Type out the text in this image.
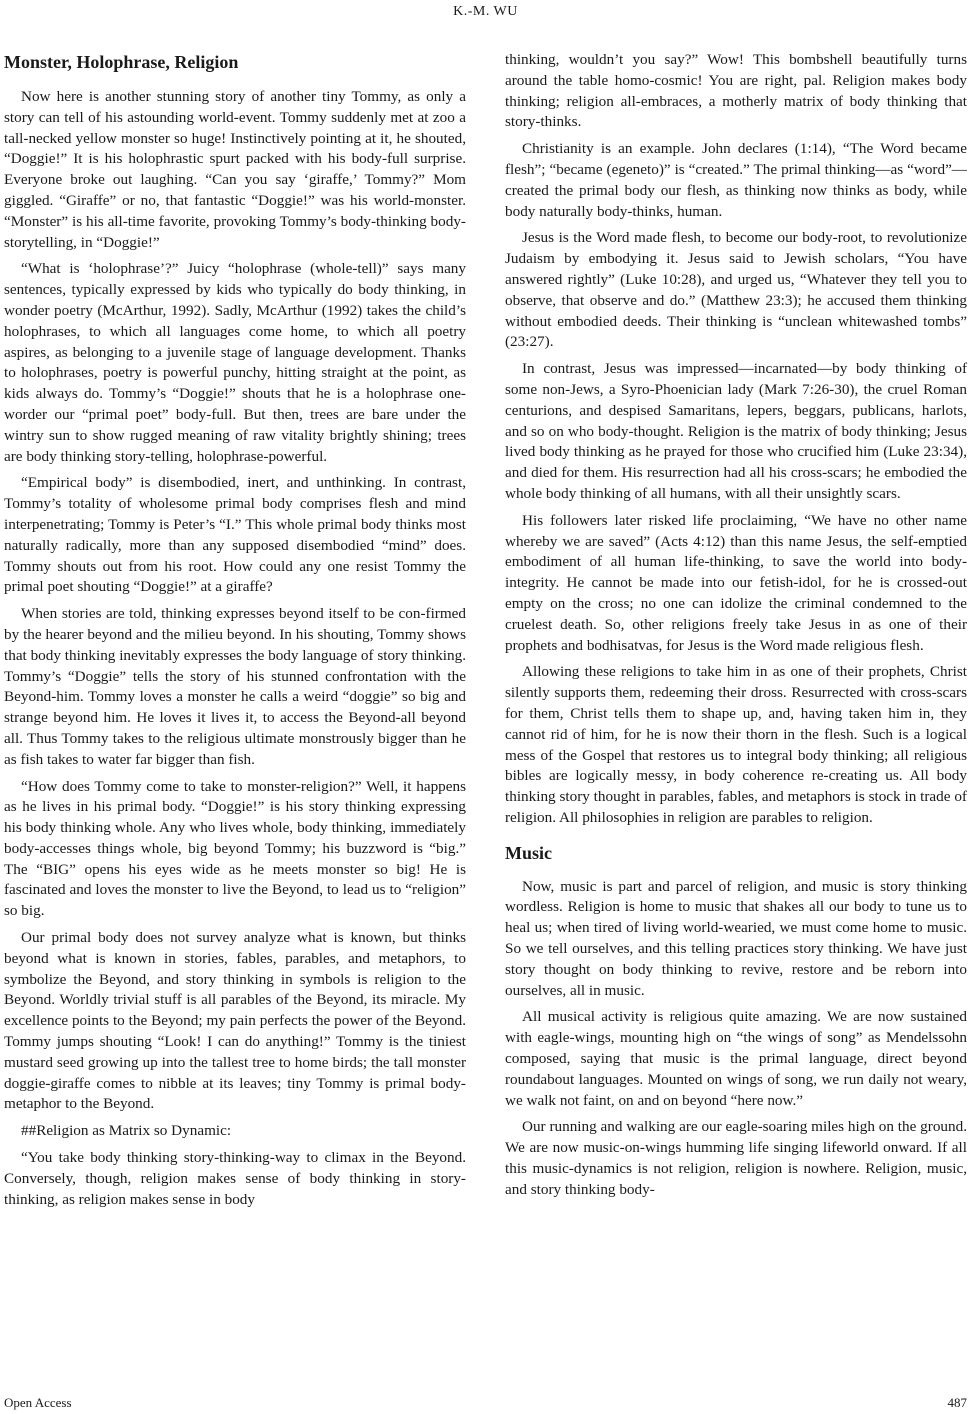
K.-M. WU
Monster, Holophrase, Religion

Now here is another stunning story of another tiny Tommy, as only a story can tell of his astounding world-event. Tommy suddenly met at zoo a tall-necked yellow monster so huge! Instinctively pointing at it, he shouted, “Doggie!” It is his holophrastic spurt packed with his body-full surprise. Everyone broke out laughing. “Can you say ‘giraffe,’ Tommy?” Mom giggled. “Giraffe” or no, that fantastic “Doggie!” was his world-monster. “Monster” is his all-time favorite, provoking Tommy’s body-thinking body-storytelling, in “Doggie!”

“What is ‘holophrase’?” Juicy “holophrase (whole-tell)” says many sentences, typically expressed by kids who typically do body thinking, in wonder poetry (McArthur, 1992). Sadly, McArthur (1992) takes the child’s holophrases, to which all languages come home, to which all poetry aspires, as belonging to a juvenile stage of language development. Thanks to holophrases, poetry is powerful punchy, hitting straight at the point, as kids always do. Tommy’s “Doggie!” shouts that he is a holophrase one-worder our “primal poet” body-full. But then, trees are bare under the wintry sun to show rugged meaning of raw vitality brightly shining; trees are body thinking story-telling, holophrase-powerful.

“Empirical body” is disembodied, inert, and unthinking. In contrast, Tommy’s totality of wholesome primal body comprises flesh and mind interpenetrating; Tommy is Peter’s “I.” This whole primal body thinks most naturally radically, more than any supposed disembodied “mind” does. Tommy shouts out from his root. How could any one resist Tommy the primal poet shouting “Doggie!” at a giraffe?

When stories are told, thinking expresses beyond itself to be con-firmed by the hearer beyond and the milieu beyond. In his shouting, Tommy shows that body thinking inevitably expresses the body language of story thinking. Tommy’s “Doggie” tells the story of his stunned confrontation with the Beyond-him. Tommy loves a monster he calls a weird “doggie” so big and strange beyond him. He loves it lives it, to access the Beyond-all beyond all. Thus Tommy takes to the religious ultimate monstrously bigger than he as fish takes to water far bigger than fish.

“How does Tommy come to take to monster-religion?” Well, it happens as he lives in his primal body. “Doggie!” is his story thinking expressing his body thinking whole. Any who lives whole, body thinking, immediately body-accesses things whole, big beyond Tommy; his buzzword is “big.” The “BIG” opens his eyes wide as he meets monster so big! He is fascinated and loves the monster to live the Beyond, to lead us to “religion” so big.

Our primal body does not survey analyze what is known, but thinks beyond what is known in stories, fables, parables, and metaphors, to symbolize the Beyond, and story thinking in symbols is religion to the Beyond. Worldly trivial stuff is all parables of the Beyond, its miracle. My excellence points to the Beyond; my pain perfects the power of the Beyond. Tommy jumps shouting “Look! I can do anything!” Tommy is the tiniest mustard seed growing up into the tallest tree to home birds; the tall monster doggie-giraffe comes to nibble at its leaves; tiny Tommy is primal body-metaphor to the Beyond.

##Religion as Matrix so Dynamic:

“You take body thinking story-thinking-way to climax in the Beyond. Conversely, though, religion makes sense of body thinking in story-thinking, as religion makes sense in body

thinking, wouldn’t you say?” Wow! This bombshell beautifully turns around the table homo-cosmic! You are right, pal. Religion makes body thinking; religion all-embraces, a motherly matrix of body thinking that story-thinks.

Christianity is an example. John declares (1:14), “The Word became flesh”; “became (egeneto)” is “created.” The primal thinking—as “word”—created the primal body our flesh, as thinking now thinks as body, while body naturally body-thinks, human.

Jesus is the Word made flesh, to become our body-root, to revolutionize Judaism by embodying it. Jesus said to Jewish scholars, “You have answered rightly” (Luke 10:28), and urged us, “Whatever they tell you to observe, that observe and do.” (Matthew 23:3); he accused them thinking without embodied deeds. Their thinking is “unclean whitewashed tombs” (23:27).

In contrast, Jesus was impressed—incarnated—by body thinking of some non-Jews, a Syro-Phoenician lady (Mark 7:26-30), the cruel Roman centurions, and despised Samaritans, lepers, beggars, publicans, harlots, and so on who body-thought. Religion is the matrix of body thinking; Jesus lived body thinking as he prayed for those who crucified him (Luke 23:34), and died for them. His resurrection had all his cross-scars; he embodied the whole body thinking of all humans, with all their unsightly scars.

His followers later risked life proclaiming, “We have no other name whereby we are saved” (Acts 4:12) than this name Jesus, the self-emptied embodiment of all human life-thinking, to save the world into body-integrity. He cannot be made into our fetish-idol, for he is crossed-out empty on the cross; no one can idolize the criminal condemned to the cruelest death. So, other religions freely take Jesus in as one of their prophets and bodhisatvas, for Jesus is the Word made religious flesh.

Allowing these religions to take him in as one of their prophets, Christ silently supports them, redeeming their dross. Resurrected with cross-scars for them, Christ tells them to shape up, and, having taken him in, they cannot rid of him, for he is now their thorn in the flesh. Such is a logical mess of the Gospel that restores us to integral body thinking; all religious bibles are logically messy, in body coherence re-creating us. All body thinking story thought in parables, fables, and metaphors is stock in trade of religion. All philosophies in religion are parables to religion.

Music

Now, music is part and parcel of religion, and music is story thinking wordless. Religion is home to music that shakes all our body to tune us to heal us; when tired of living world-wearied, we must come home to music. So we tell ourselves, and this telling practices story thinking. We have just story thought on body thinking to revive, restore and be reborn into ourselves, all in music.

All musical activity is religious quite amazing. We are now sustained with eagle-wings, mounting high on “the wings of song” as Mendelssohn composed, saying that music is the primal language, direct beyond roundabout languages. Mounted on wings of song, we run daily not weary, we walk not faint, on and on beyond “here now.”

Our running and walking are our eagle-soaring miles high on the ground. We are now music-on-wings humming life singing lifeworld onward. If all this music-dynamics is not religion, religion is nowhere. Religion, music, and story thinking body-

Open Access	487
